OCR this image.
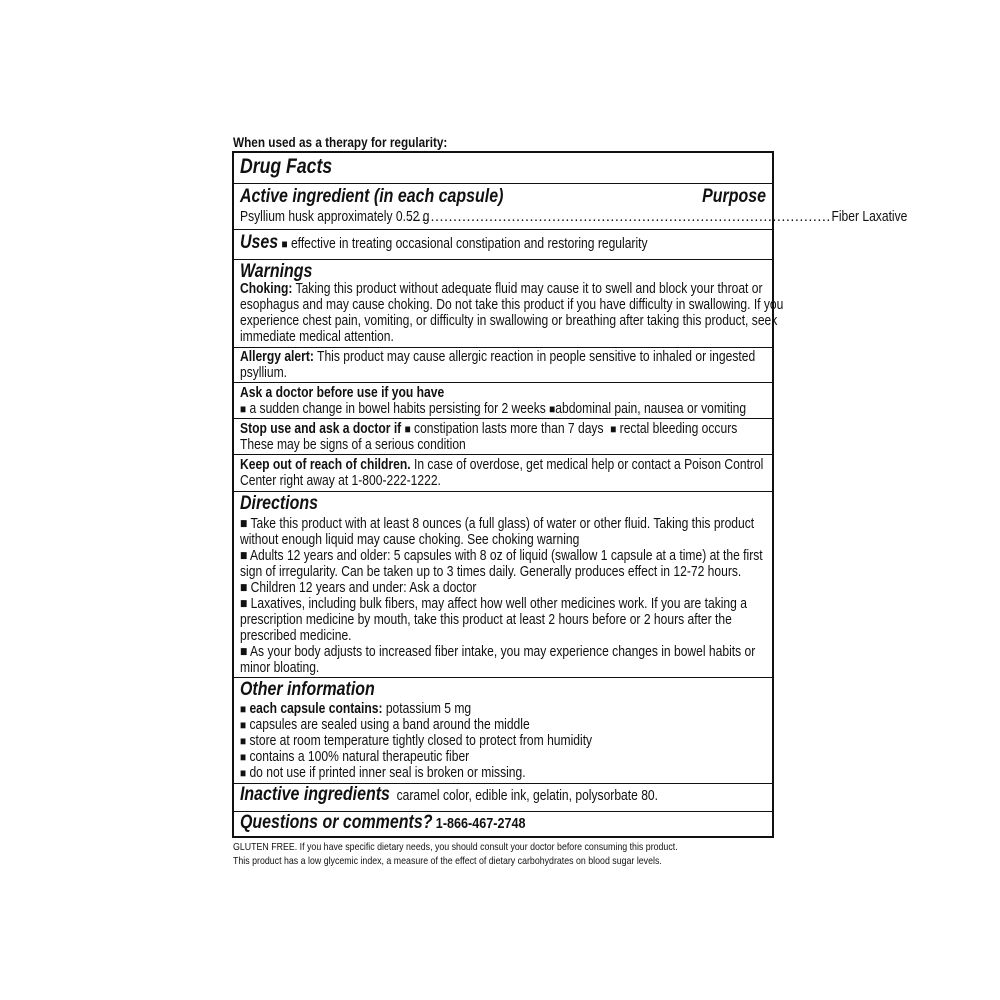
When used as a therapy for regularity:
Drug Facts
Active ingredient (in each capsule)	Purpose
Psyllium husk approximately 0.52 g
.............................................................................................. Fiber Laxative
Uses ■ effective in treating occasional constipation and restoring regularity
Warnings
Choking: Taking this product without adequate fluid may cause it to swell and block your throat or
esophagus and may cause choking. Do not take this product if you have difficulty in swallowing. If you
experience chest pain, vomiting, or difficulty in swallowing or breathing after taking this product, seek
immediate medical attention.
Allergy alert: This product may cause allergic reaction in people sensitive to inhaled or ingested
psyllium.
Ask a doctor before use if you have
■ a sudden change in bowel habits persisting for 2 weeks ■abdominal pain, nausea or vomiting
Stop use and ask a doctor if ■ constipation lasts more than 7 days ■ rectal bleeding occurs
These may be signs of a serious condition
Keep out of reach of children. In case of overdose, get medical help or contact a Poison Control
Center right away at 1-800-222-1222.
Directions
■ Take this product with at least 8 ounces (a full glass) of water or other fluid. Taking this product
without enough liquid may cause choking. See choking warning
■ Adults 12 years and older: 5 capsules with 8 oz of liquid (swallow 1 capsule at a time) at the first
sign of irregularity. Can be taken up to 3 times daily. Generally produces effect in 12-72 hours.
■ Children 12 years and under: Ask a doctor
■ Laxatives, including bulk fibers, may affect how well other medicines work. If you are taking a
prescription medicine by mouth, take this product at least 2 hours before or 2 hours after the
prescribed medicine.
■ As your body adjusts to increased fiber intake, you may experience changes in bowel habits or
minor bloating.
Other information
■ each capsule contains: potassium 5 mg
■ capsules are sealed using a band around the middle
■ store at room temperature tightly closed to protect from humidity
■ contains a 100% natural therapeutic fiber
■ do not use if printed inner seal is broken or missing.
Inactive ingredients caramel color, edible ink, gelatin, polysorbate 80.
Questions or comments? 1-866-467-2748
GLUTEN FREE. If you have specific dietary needs, you should consult your doctor before consuming this product.
This product has a low glycemic index, a measure of the effect of dietary carbohydrates on blood sugar levels.
